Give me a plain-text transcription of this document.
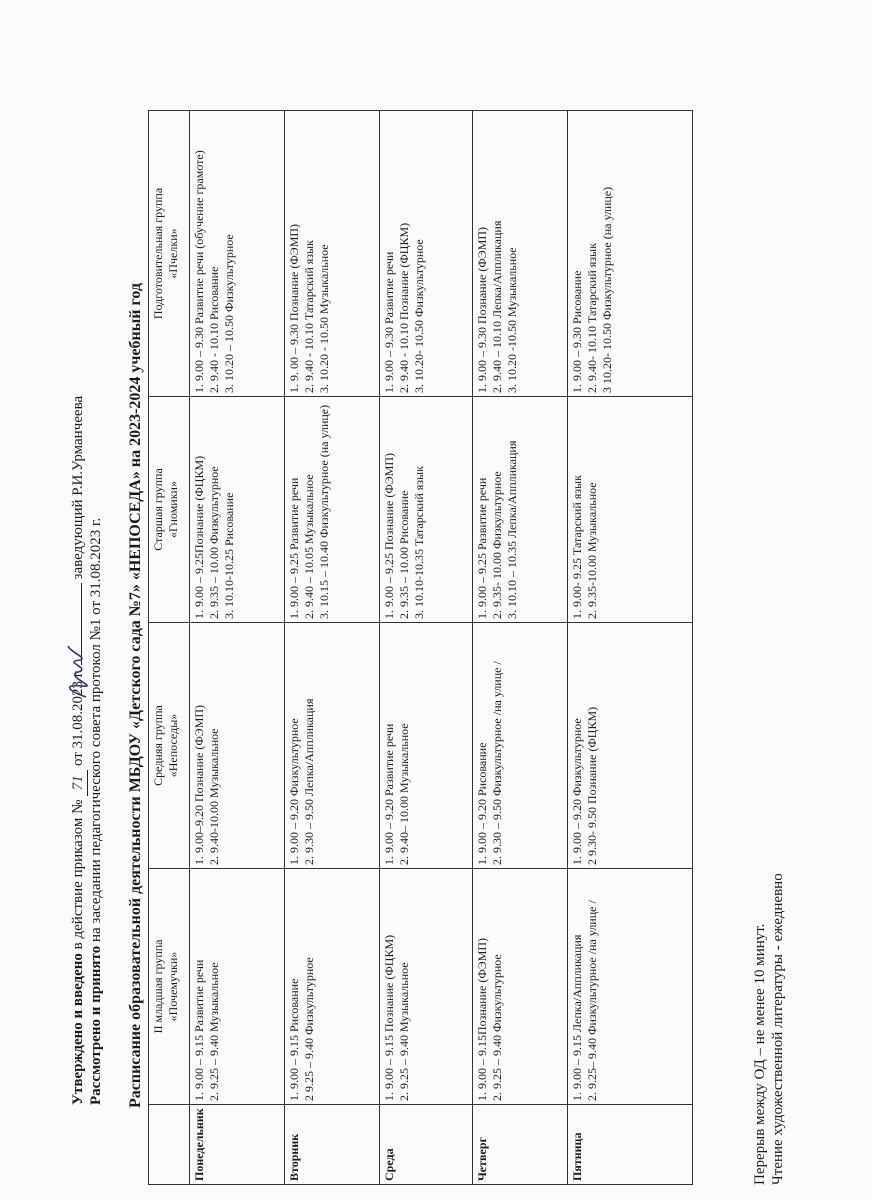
Утверждено и введено в действие приказом № 71 от 31.08.2023 г.  заведующий Р.И.Урманчеева
Рассмотрено и принято на заседании педагогического совета протокол №1 от 31.08.2023 г. Расписание образовательной деятельности МБДОУ «Детского сада №7» «НЕПОСЕДА» на 2023-2024 учебный год

	II младшая группа «Почемучки»	Средняя группа «Непоседы»	Старшая группа «Гномики»	Подготовительная группа «Пчелки»

Понедельник	1. 9.00 – 9.15 Развитие речи 2. 9.25 – 9.40 Музыкальное	1. 9.00–9.20 Познание (ФЭМП) 2. 9.40-10.00 Музыкальное	1. 9.00 – 9.25Познание (ФЦКМ) 2. 9.35 – 10.00 Физкультурное 3. 10.10-10.25 Рисование	1. 9.00 – 9.30 Развитие речи (обучение грамоте) 2. 9.40 - 10.10 Рисование 3. 10.20 – 10.50 Физкультурное

Вторник	1. 9.00 – 9.15 Рисование 2 9.25 – 9.40 Физкультурное	1. 9.00 – 9.20 Физкультурное 2. 9.30 – 9.50 Лепка/Аппликация	1. 9.00 – 9.25 Развитие речи 2. 9.40 – 10.05 Музыкальное 3. 10.15 – 10.40 Физкультурное (на улице)	1. 9. 00 – 9.30 Познание (ФЭМП) 2. 9.40 - 10.10 Татарский язык 3. 10.20 - 10.50 Музыкальное

Среда	1. 9.00 – 9.15 Познание (ФЦКМ) 2. 9.25 – 9.40 Музыкальное	1. 9.00 – 9.20 Развитие речи 2. 9.40– 10.00 Музыкальное	1. 9.00 – 9.25 Познание (ФЭМП) 2. 9.35 – 10.00 Рисование 3. 10.10-10.35 Татарский язык	1. 9.00 – 9.30 Развитие речи 2. 9.40 - 10.10 Познание (ФЦКМ) 3. 10.20- 10.50 Физкультурное

Четверг	1. 9.00 – 9.15Познание (ФЭМП) 2. 9.25 – 9.40 Физкультурное	1. 9.00 – 9.20 Рисование 2. 9.30 – 9.50 Физкультурное /на улице /	1. 9.00 – 9.25 Развитие речи 2. 9.35- 10.00 Физкультурное 3. 10.10 – 10.35 Лепка/Аппликация	1. 9.00 – 9.30 Познание (ФЭМП) 2. 9.40 – 10.10 Лепка/Аппликация 3. 10.20 -10.50 Музыкальное

Пятница	1. 9.00 – 9.15 Лепка/Аппликация 2. 9.25– 9.40 Физкультурное /на улице /	1. 9.00 – 9.20 Физкультурное 2 9.30- 9.50 Познание (ФЦКМ)	1. 9.00- 9.25 Татарский язык 2. 9.35-10.00 Музыкальное	1. 9.00 – 9.30 Рисование 2. 9.40- 10.10 Татарский язык 3 10.20- 10.50 Физкультурное (на улице)
Перерыв между ОД – не менее 10 минут. Чтение художественной литературы - ежедневно
